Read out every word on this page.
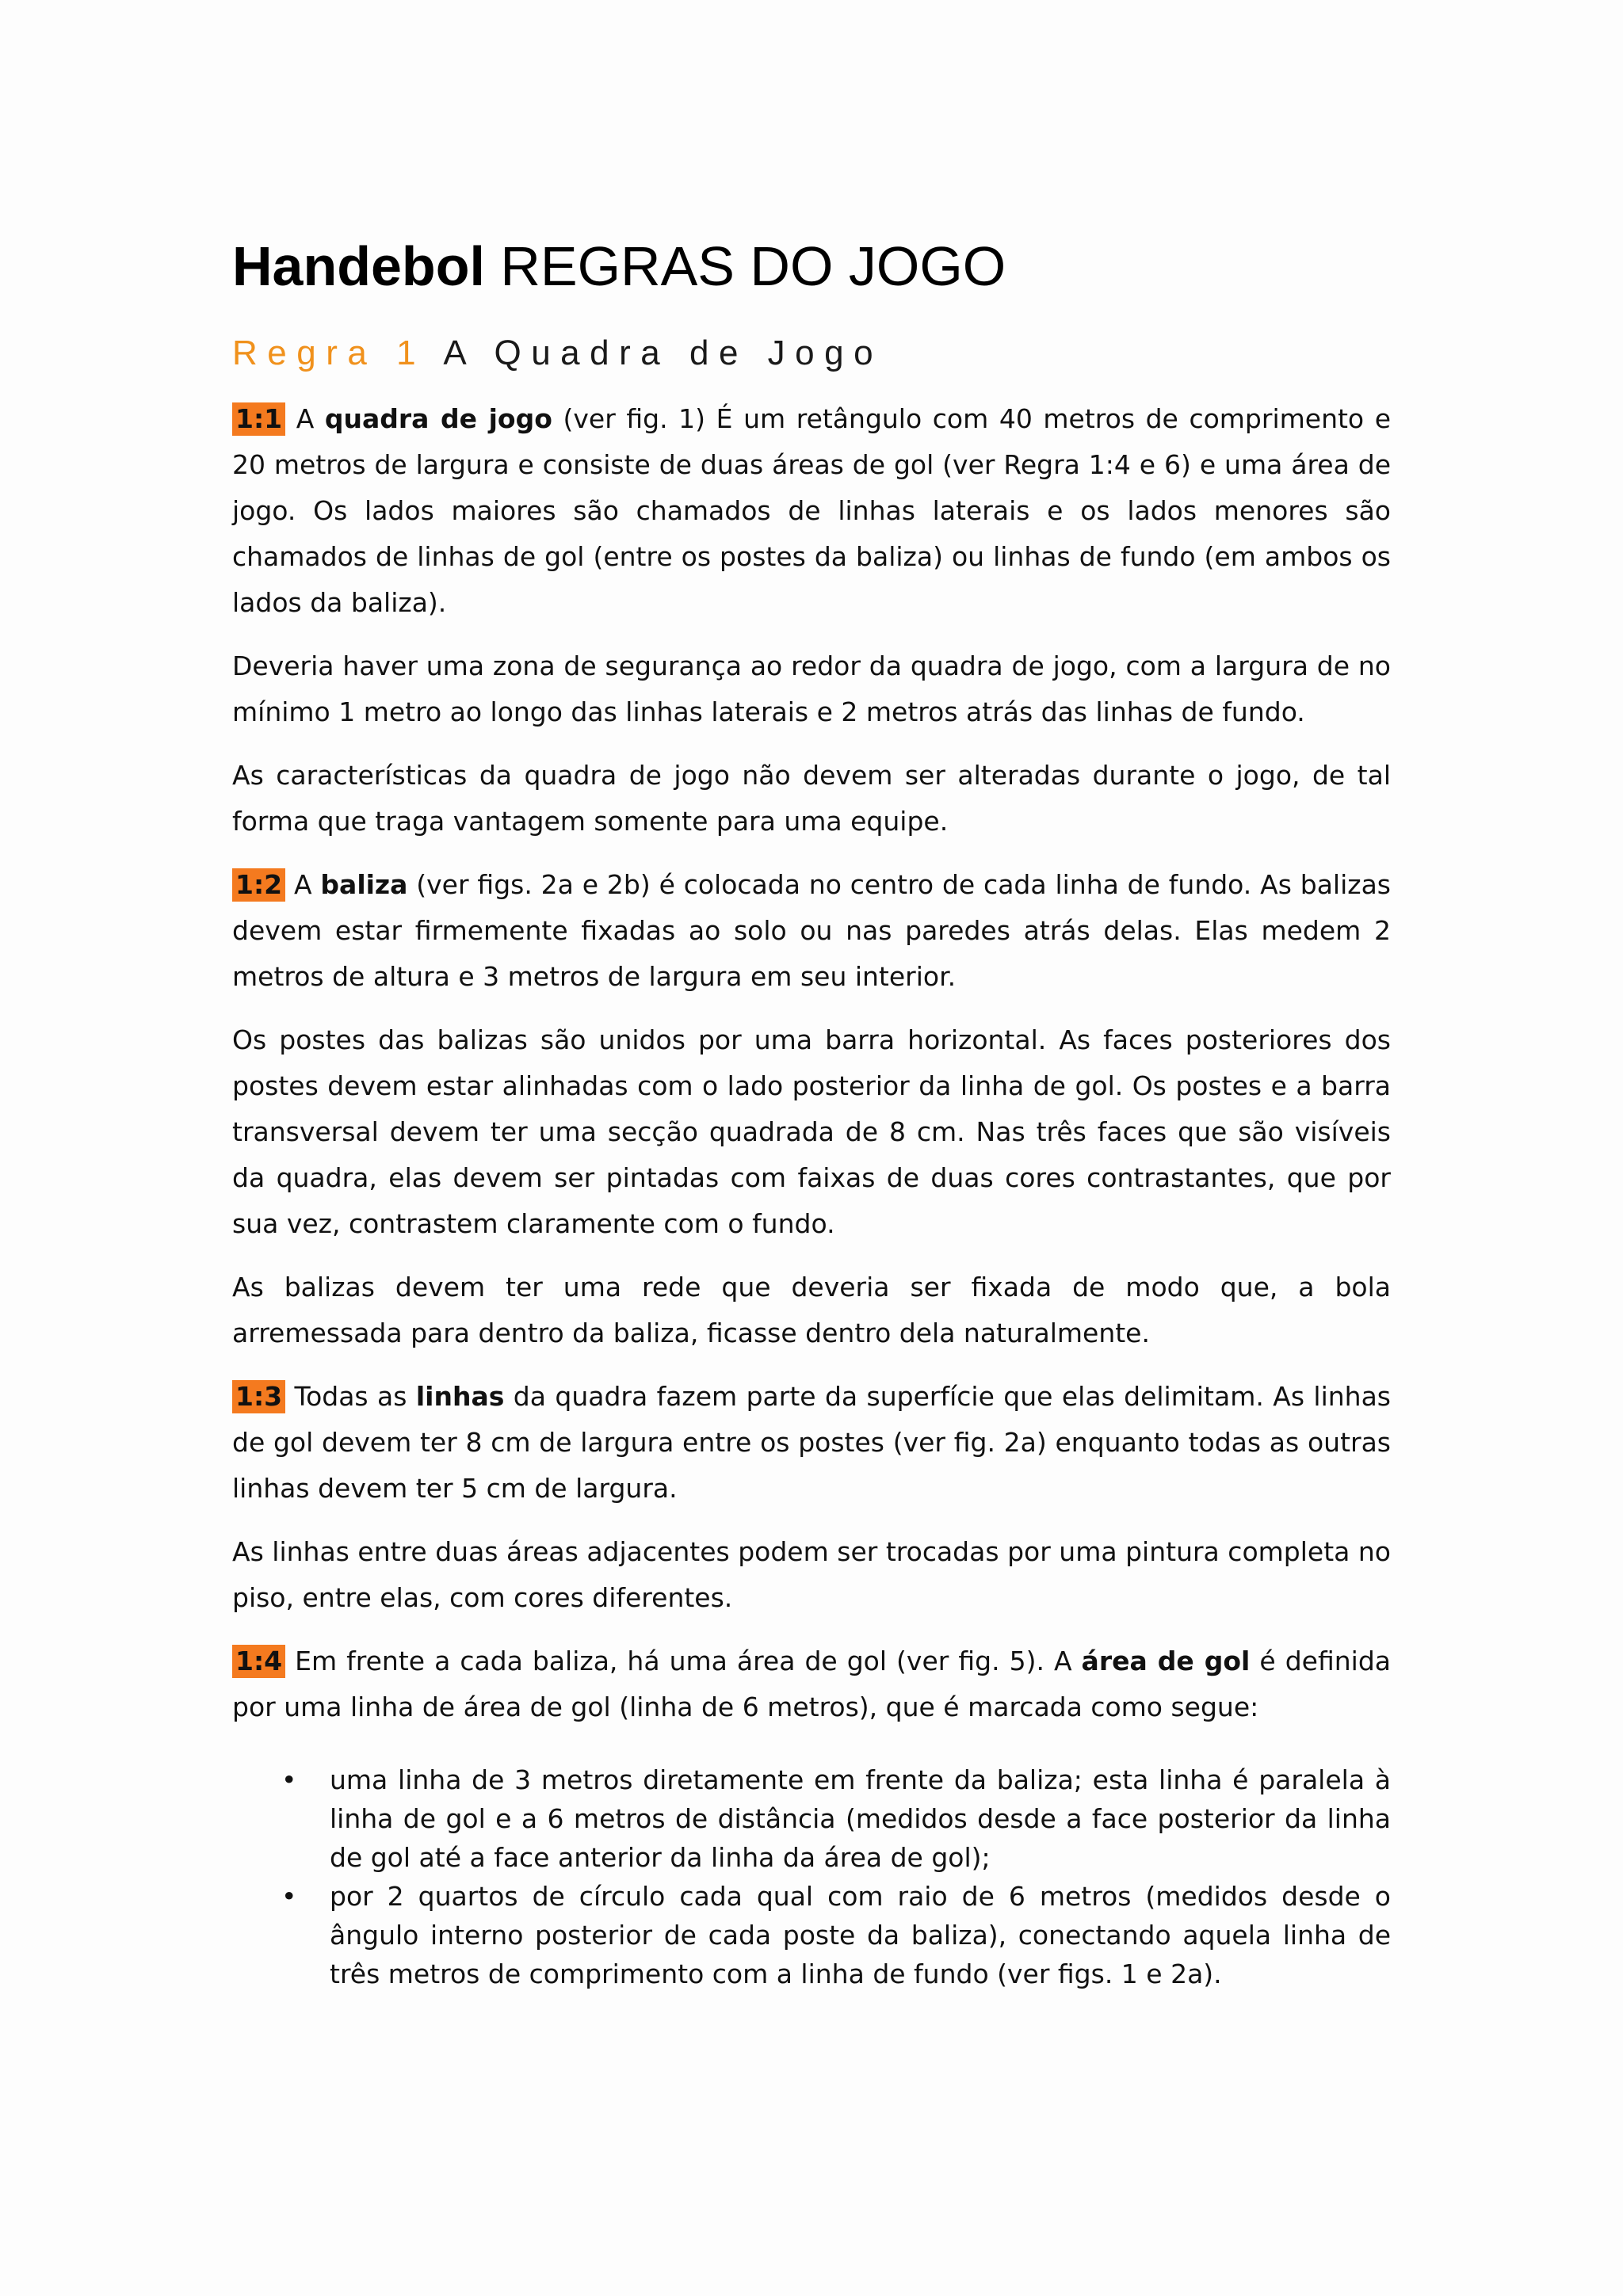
Handebol REGRAS DO JOGO
Regra 1 A Quadra de Jogo

1:1 A quadra de jogo (ver fig. 1) É um retângulo com 40 metros de comprimento e 20 metros de largura e consiste de duas áreas de gol (ver Regra 1:4 e 6) e uma área de jogo. Os lados maiores são chamados de linhas laterais e os lados menores são chamados de linhas de gol (entre os postes da baliza) ou linhas de fundo (em ambos os lados da baliza).

Deveria haver uma zona de segurança ao redor da quadra de jogo, com a largura de no mínimo 1 metro ao longo das linhas laterais e 2 metros atrás das linhas de fundo.

As características da quadra de jogo não devem ser alteradas durante o jogo, de tal forma que traga vantagem somente para uma equipe.

1:2 A baliza (ver figs. 2a e 2b) é colocada no centro de cada linha de fundo. As balizas devem estar firmemente fixadas ao solo ou nas paredes atrás delas. Elas medem 2 metros de altura e 3 metros de largura em seu interior.

Os postes das balizas são unidos por uma barra horizontal. As faces posteriores dos postes devem estar alinhadas com o lado posterior da linha de gol. Os postes e a barra transversal devem ter uma secção quadrada de 8 cm. Nas três faces que são visíveis da quadra, elas devem ser pintadas com faixas de duas cores contrastantes, que por sua vez, contrastem claramente com o fundo.

As balizas devem ter uma rede que deveria ser fixada de modo que, a bola arremessada para dentro da baliza, ficasse dentro dela naturalmente.

1:3 Todas as linhas da quadra fazem parte da superfície que elas delimitam. As linhas de gol devem ter 8 cm de largura entre os postes (ver fig. 2a) enquanto todas as outras linhas devem ter 5 cm de largura.

As linhas entre duas áreas adjacentes podem ser trocadas por uma pintura completa no piso, entre elas, com cores diferentes.

1:4 Em frente a cada baliza, há uma área de gol (ver fig. 5). A área de gol é definida por uma linha de área de gol (linha de 6 metros), que é marcada como segue:

• uma linha de 3 metros diretamente em frente da baliza; esta linha é paralela à linha de gol e a 6 metros de distância (medidos desde a face posterior da linha de gol até a face anterior da linha da área de gol);
• por 2 quartos de círculo cada qual com raio de 6 metros (medidos desde o ângulo interno posterior de cada poste da baliza), conectando aquela linha de três metros de comprimento com a linha de fundo (ver figs. 1 e 2a).
